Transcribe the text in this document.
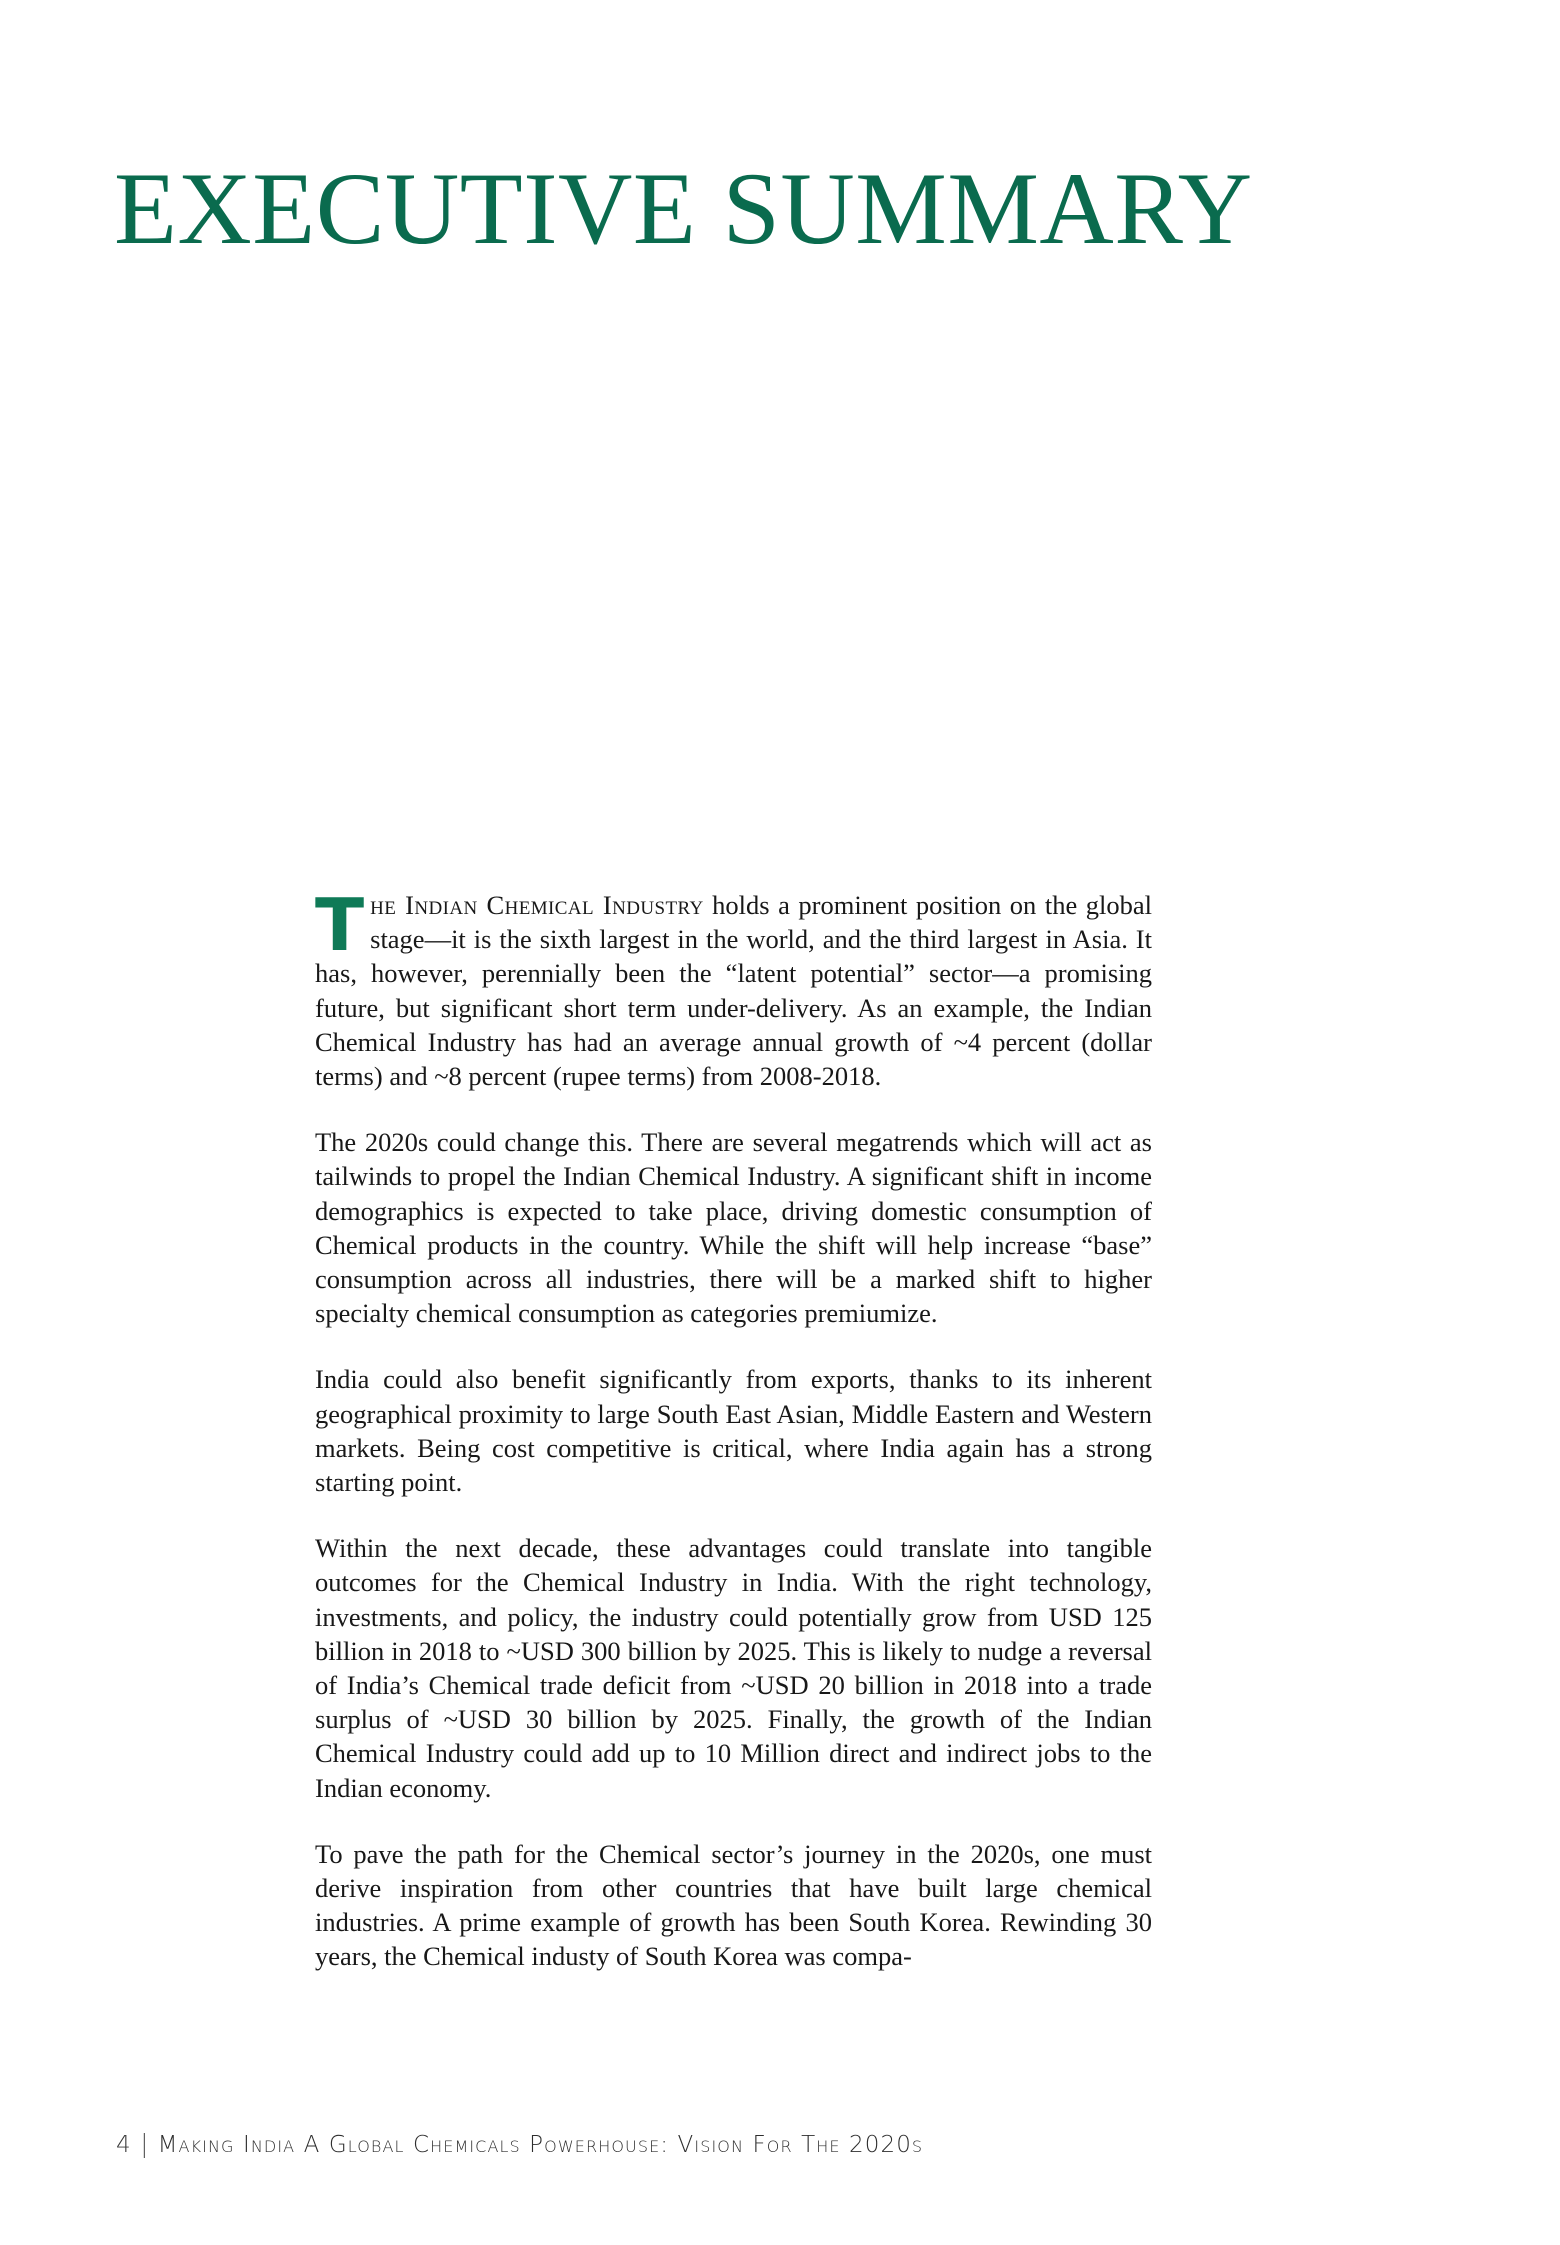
EXECUTIVE SUMMARY

The Indian Chemical Industry holds a prominent position on the global stage—it is the sixth largest in the world, and the third largest in Asia. It has, however, perennially been the “latent potential” sector—a promising future, but significant short term under-delivery. As an example, the Indian Chemical Industry has had an average annual growth of ~4 percent (dollar terms) and ~8 percent (rupee terms) from 2008-2018.

The 2020s could change this. There are several megatrends which will act as tailwinds to propel the Indian Chemical Industry. A significant shift in income demographics is expected to take place, driving domestic consumption of Chemical products in the country. While the shift will help increase “base” consumption across all industries, there will be a marked shift to higher specialty chemical consumption as categories premiumize.

India could also benefit significantly from exports, thanks to its inherent geographical proximity to large South East Asian, Middle Eastern and Western markets. Being cost competitive is critical, where India again has a strong starting point.

Within the next decade, these advantages could translate into tangible outcomes for the Chemical Industry in India. With the right technology, investments, and policy, the industry could potentially grow from USD 125 billion in 2018 to ~USD 300 billion by 2025. This is likely to nudge a reversal of India’s Chemical trade deficit from ~USD 20 billion in 2018 into a trade surplus of ~USD 30 billion by 2025. Finally, the growth of the Indian Chemical Industry could add up to 10 Million direct and indirect jobs to the Indian economy.

To pave the path for the Chemical sector’s journey in the 2020s, one must derive inspiration from other countries that have built large chemical industries. A prime example of growth has been South Korea. Rewinding 30 years, the Chemical industy of South Korea was compa-

4 | Making India A Global Chemicals Powerhouse: Vision For The 2020s
